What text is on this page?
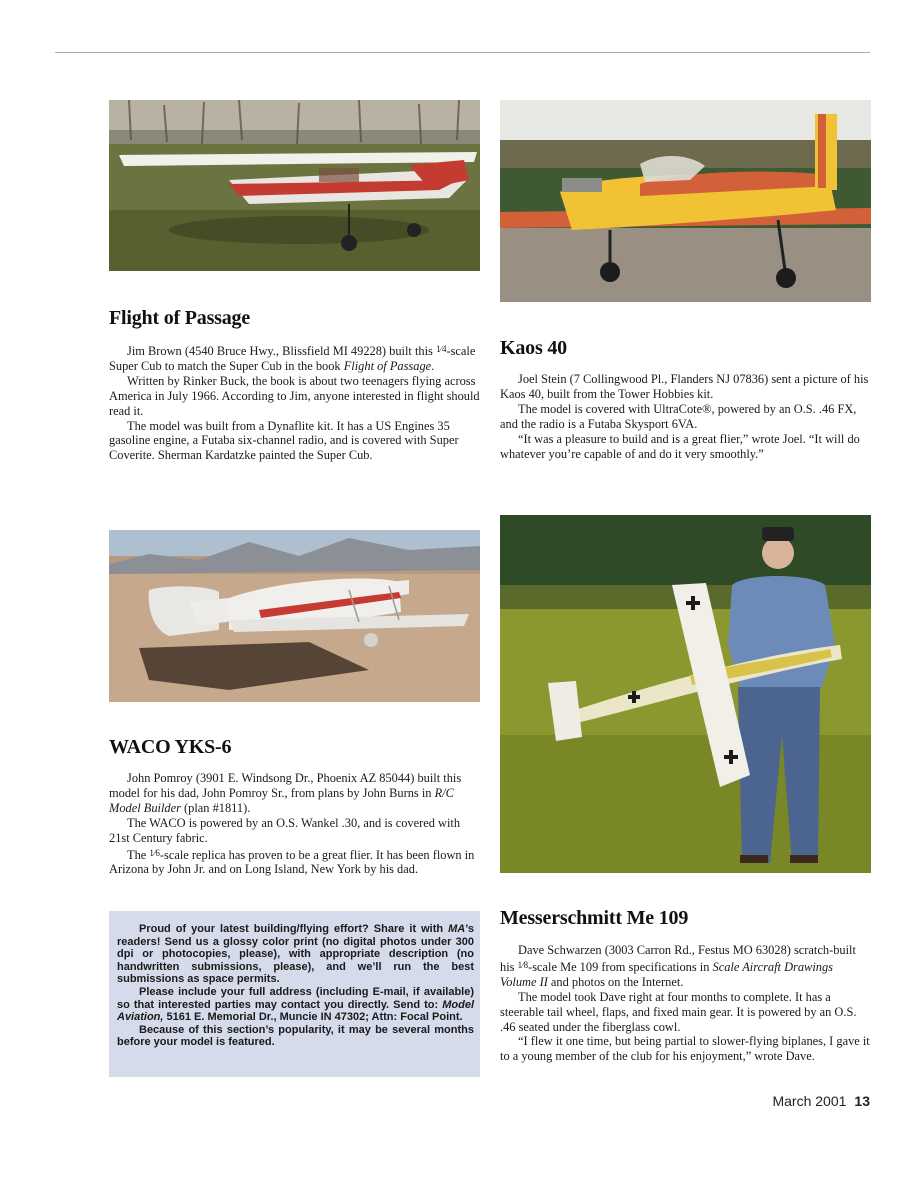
Flight of Passage

Jim Brown (4540 Bruce Hwy., Blissfield MI 49228) built this $^{1⁄4}$-scale Super Cub to match the Super Cub in the book Flight of Passage.

Written by Rinker Buck, the book is about two teenagers flying across America in July 1966. According to Jim, anyone interested in flight should read it.

The model was built from a Dynaflite kit. It has a US Engines 35 gasoline engine, a Futaba six-channel radio, and is covered with Super Coverite. Sherman Kardatzke painted the Super Cub.

Kaos 40

Joel Stein (7 Collingwood Pl., Flanders NJ 07836) sent a picture of his Kaos 40, built from the Tower Hobbies kit.

The model is covered with UltraCote®, powered by an O.S. .46 FX, and the radio is a Futaba Skysport 6VA.

“It was a pleasure to build and is a great flier,” wrote Joel. “It will do whatever you’re capable of and do it very smoothly.”

WACO YKS-6

John Pomroy (3901 E. Windsong Dr., Phoenix AZ 85044) built this model for his dad, John Pomroy Sr., from plans by John Burns in R/C Model Builder (plan #1811).

The WACO is powered by an O.S. Wankel .30, and is covered with 21st Century fabric.

The $^{1⁄6}$-scale replica has proven to be a great flier. It has been flown in Arizona by John Jr. and on Long Island, New York by his dad.

Proud of your latest building/flying effort? Share it with MA’s readers! Send us a glossy color print (no digital photos under 300 dpi or photocopies, please), with appropriate description (no handwritten submissions, please), and we’ll run the best submissions as space permits.

Please include your full address (including E-mail, if available) so that interested parties may contact you directly. Send to: Model Aviation, 5161 E. Memorial Dr., Muncie IN 47302; Attn: Focal Point.

Because of this section’s popularity, it may be several months before your model is featured.

Messerschmitt Me 109

Dave Schwarzen (3003 Carron Rd., Festus MO 63028) scratch-built his $^{1⁄8}$-scale Me 109 from specifications in Scale Aircraft Drawings Volume II and photos on the Internet.

The model took Dave right at four months to complete. It has a steerable tail wheel, flaps, and fixed main gear. It is powered by an O.S. .46 seated under the fiberglass cowl.

“I flew it one time, but being partial to slower-flying biplanes, I gave it to a young member of the club for his enjoyment,” wrote Dave.

March 2001 13
